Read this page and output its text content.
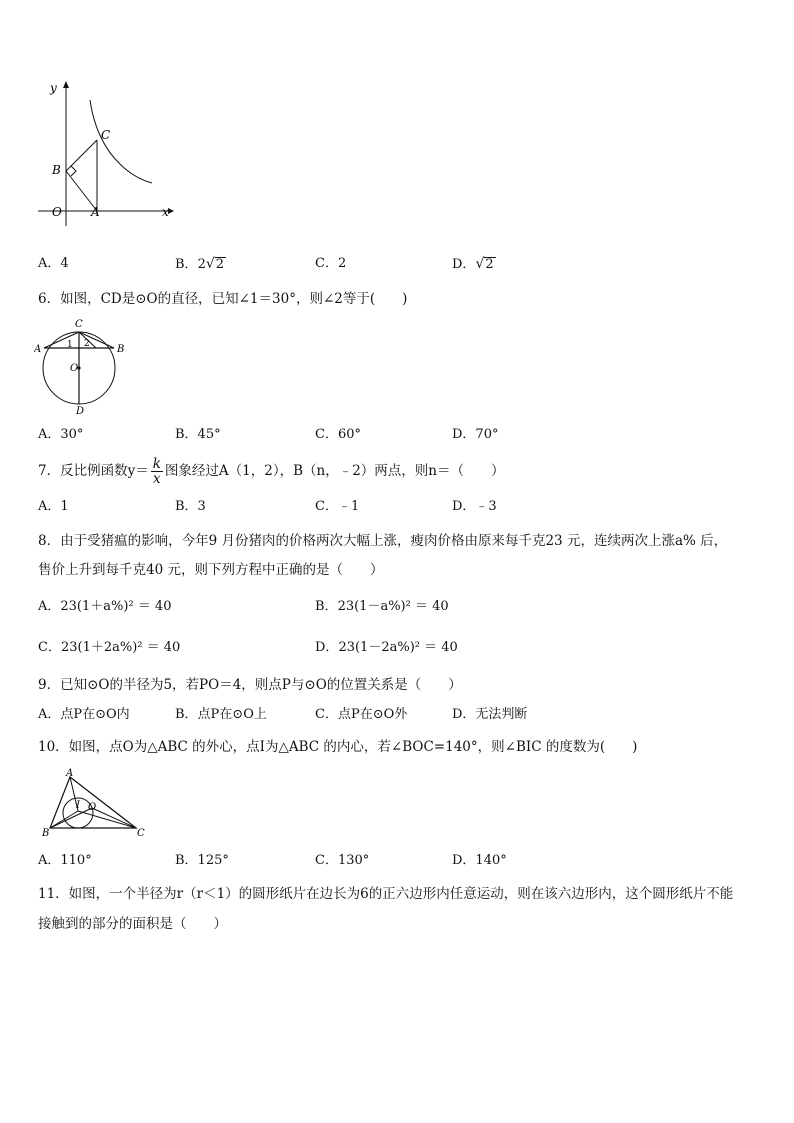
y
x
O A
B
C
A．4	B．2√2	C．2	D．√2
6．如图，CD是⊙O的直径，已知∠1＝30°，则∠2等于(　　)
A	B
C
D
O
1 2
A．30°	B．45°	C．60°	D．70°
7．反比例函数$y= \frac{k}{x}$ 图象经过A（1，2），B（n，﹣2）两点，则n＝（　　）
A．1	B．3	C．﹣1	D．﹣3
8．由于受猪瘟的影响，今年9 月份猪肉的价格两次大幅上涨，瘦肉价格由原来每千克23 元，连续两次上涨a% 后，
售价上升到每千克40 元，则下列方程中正确的是（　　）
A．23(1＋a%)² ＝ 40	B．23(1－a%)² ＝ 40
C．23(1＋2a%)² ＝ 40	D．23(1－2a%)² ＝ 40
9．已知⊙O的半径为5，若PO＝4，则点P与⊙O的位置关系是（　　）
A．点P在⊙O内	B．点P在⊙O上	C．点P在⊙O外	D．无法判断
10．如图，点O为△ABC 的外心，点I为△ABC 的内心，若∠BOC=140°，则∠BIC 的度数为(　　)
A
B	C
I O
A．110°	B．125°	C．130°	D．140°
11．如图，一个半径为r（r＜1）的圆形纸片在边长为6的正六边形内任意运动，则在该六边形内，这个圆形纸片不能
接触到的部分的面积是（　　）
